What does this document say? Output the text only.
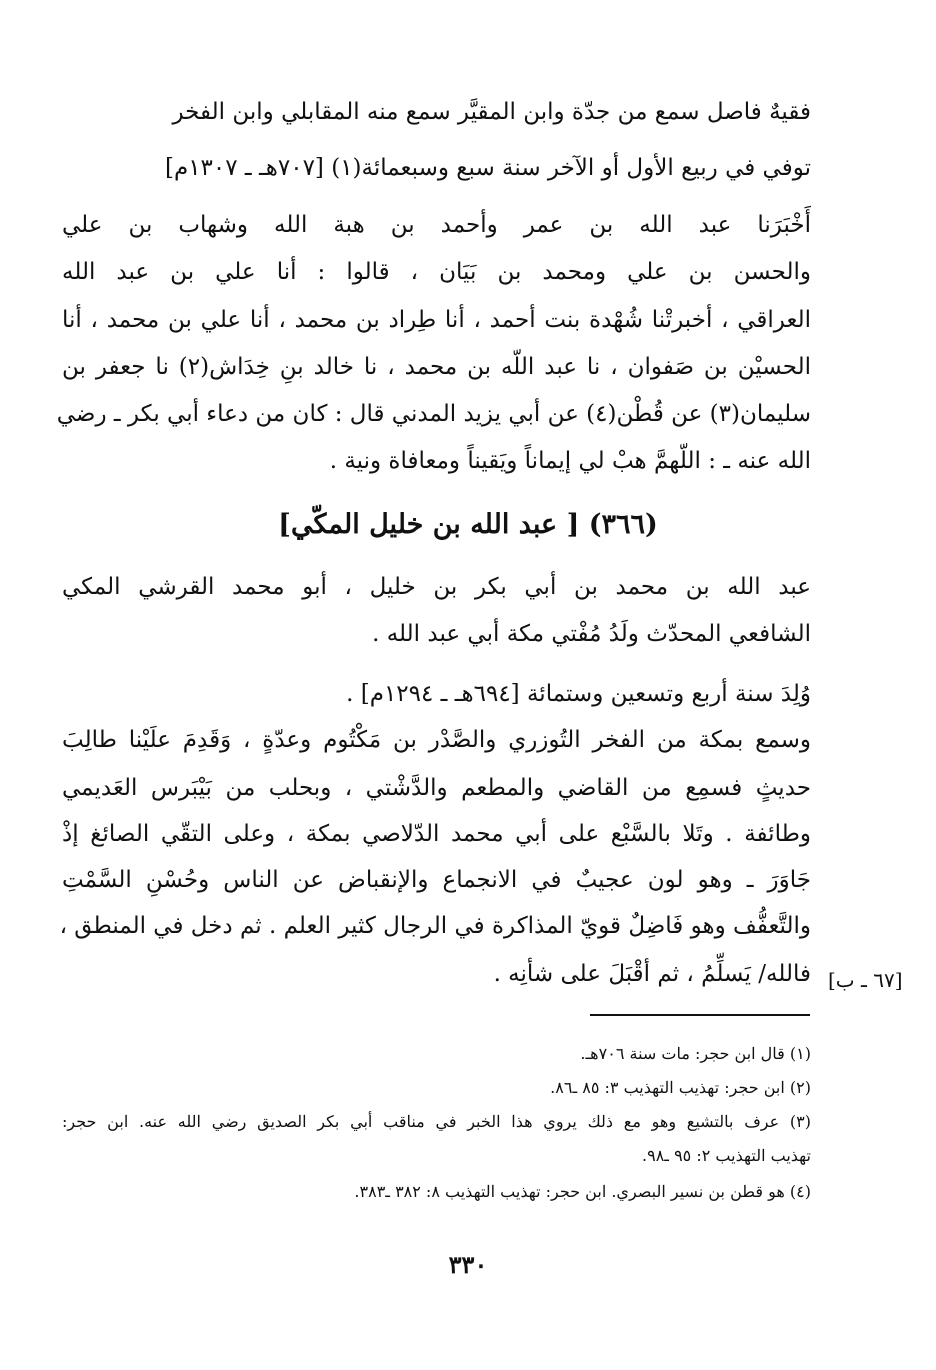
فقيهٌ فاصل سمع من جدّة وابن المقيَّر سمع منه المقابلي وابن الفخر
توفي في ربيع الأول أو الآخر سنة سبع وسبعمائة(١) [٧٠٧هـ ـ ١٣٠٧م]
أَخْبَرَنا عبد الله بن عمر وأحمد بن هبة الله وشهاب بن علي
والحسن بن علي ومحمد بن بَيَان ، قالوا : أنا علي بن عبد الله
العراقي ، أخبرتْنا شُهْدة بنت أحمد ، أنا طِراد بن محمد ، أنا علي بن محمد ، أنا
الحسيْن بن صَفوان ، نا عبد اللّه بن محمد ، نا خالد بنِ خِدَاش(٢) نا جعفر بن
سليمان(٣) عن قُطْن(٤) عن أبي يزيد المدني قال : كان من دعاء أبي بكر ـ رضي
الله عنه ـ : اللّهمَّ هبْ لي إيماناً ويَقيناً ومعافاة ونية .
(٣٦٦) [ عبد الله بن خليل المكّي]
عبد الله بن محمد بن أبي بكر بن خليل ، أبو محمد القرشي المكي
الشافعي المحدّث ولَدُ مُفْتي مكة أبي عبد الله .
وُلِدَ سنة أربع وتسعين وستمائة [٦٩٤هـ ـ ١٢٩٤م] .
وسمع بمكة من الفخر التُوزري والصَّدْر بن مَكْتُوم وعدّةٍ ، وَقَدِمَ علَيْنا طالِبَ
حديثٍ فسمِع من القاضي والمطعم والدَّشْتي ، وبحلب من بَيْبَرس العَديمي
وطائفة . وتَلا بالسَّبْع على أبي محمد الدّلاصي بمكة ، وعلى التقّي الصائغ إذْ
جَاوَرَ ـ وهو لون عجيبٌ في الانجماع والإنقباض عن الناس وحُسْنِ السَّمْتِ
والتَّعفُّف وهو فَاضِلٌ قويّ المذاكرة في الرجال كثير العلم . ثم دخل في المنطق ،
فالله/ يَسلِّمُ ، ثم أقْبَلَ على شأنِه . [٦٧ ـ ب]
(١) قال ابن حجر: مات سنة ٧٠٦هـ.
(٢) ابن حجر: تهذيب التهذيب ٣: ٨٥ ـ٨٦.
(٣) عرف بالتشيع وهو مع ذلك يروي هذا الخبر في مناقب أبي بكر الصديق رضي الله عنه. ابن حجر:
تهذيب التهذيب ٢: ٩٥ ـ٩٨.
(٤) هو قطن بن نسير البصري. ابن حجر: تهذيب التهذيب ٨: ٣٨٢ ـ٣٨٣.
٣٣٠
